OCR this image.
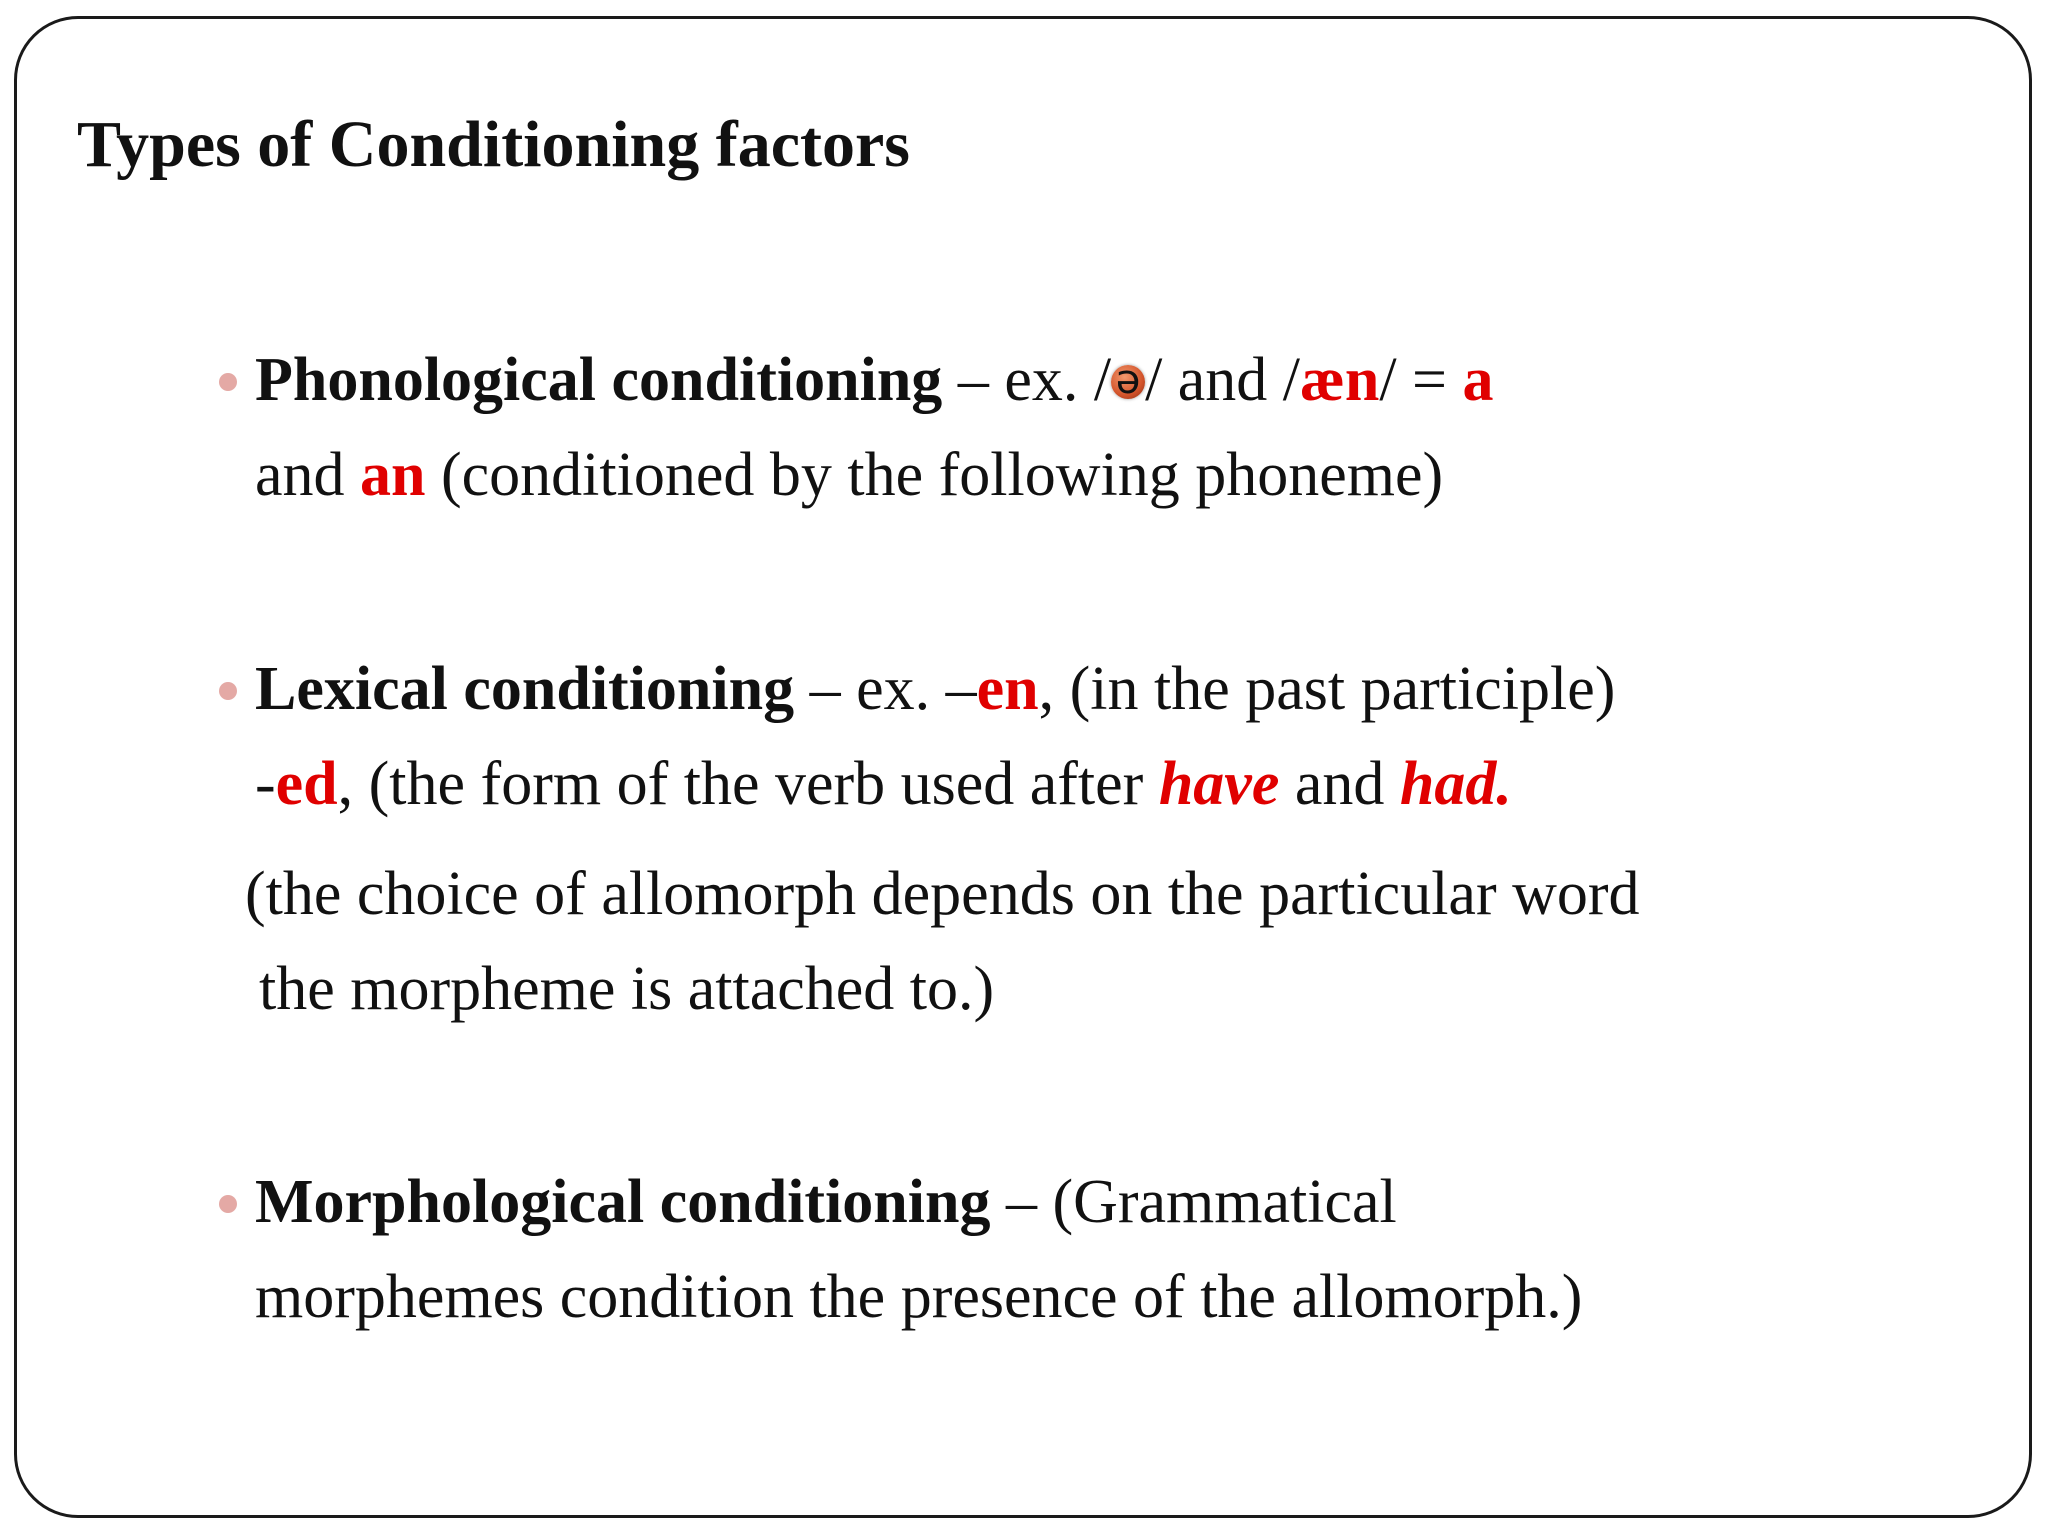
Types of Conditioning factors

Phonological conditioning – ex. / ə / and /æn/ = a
and an (conditioned by the following phoneme)

Lexical conditioning – ex. –en, (in the past participle)
-ed, (the form of the verb used after have and had.

(the choice of allomorph depends on the particular word
the morpheme is attached to.)

Morphological conditioning – (Grammatical
morphemes condition the presence of the allomorph.)
